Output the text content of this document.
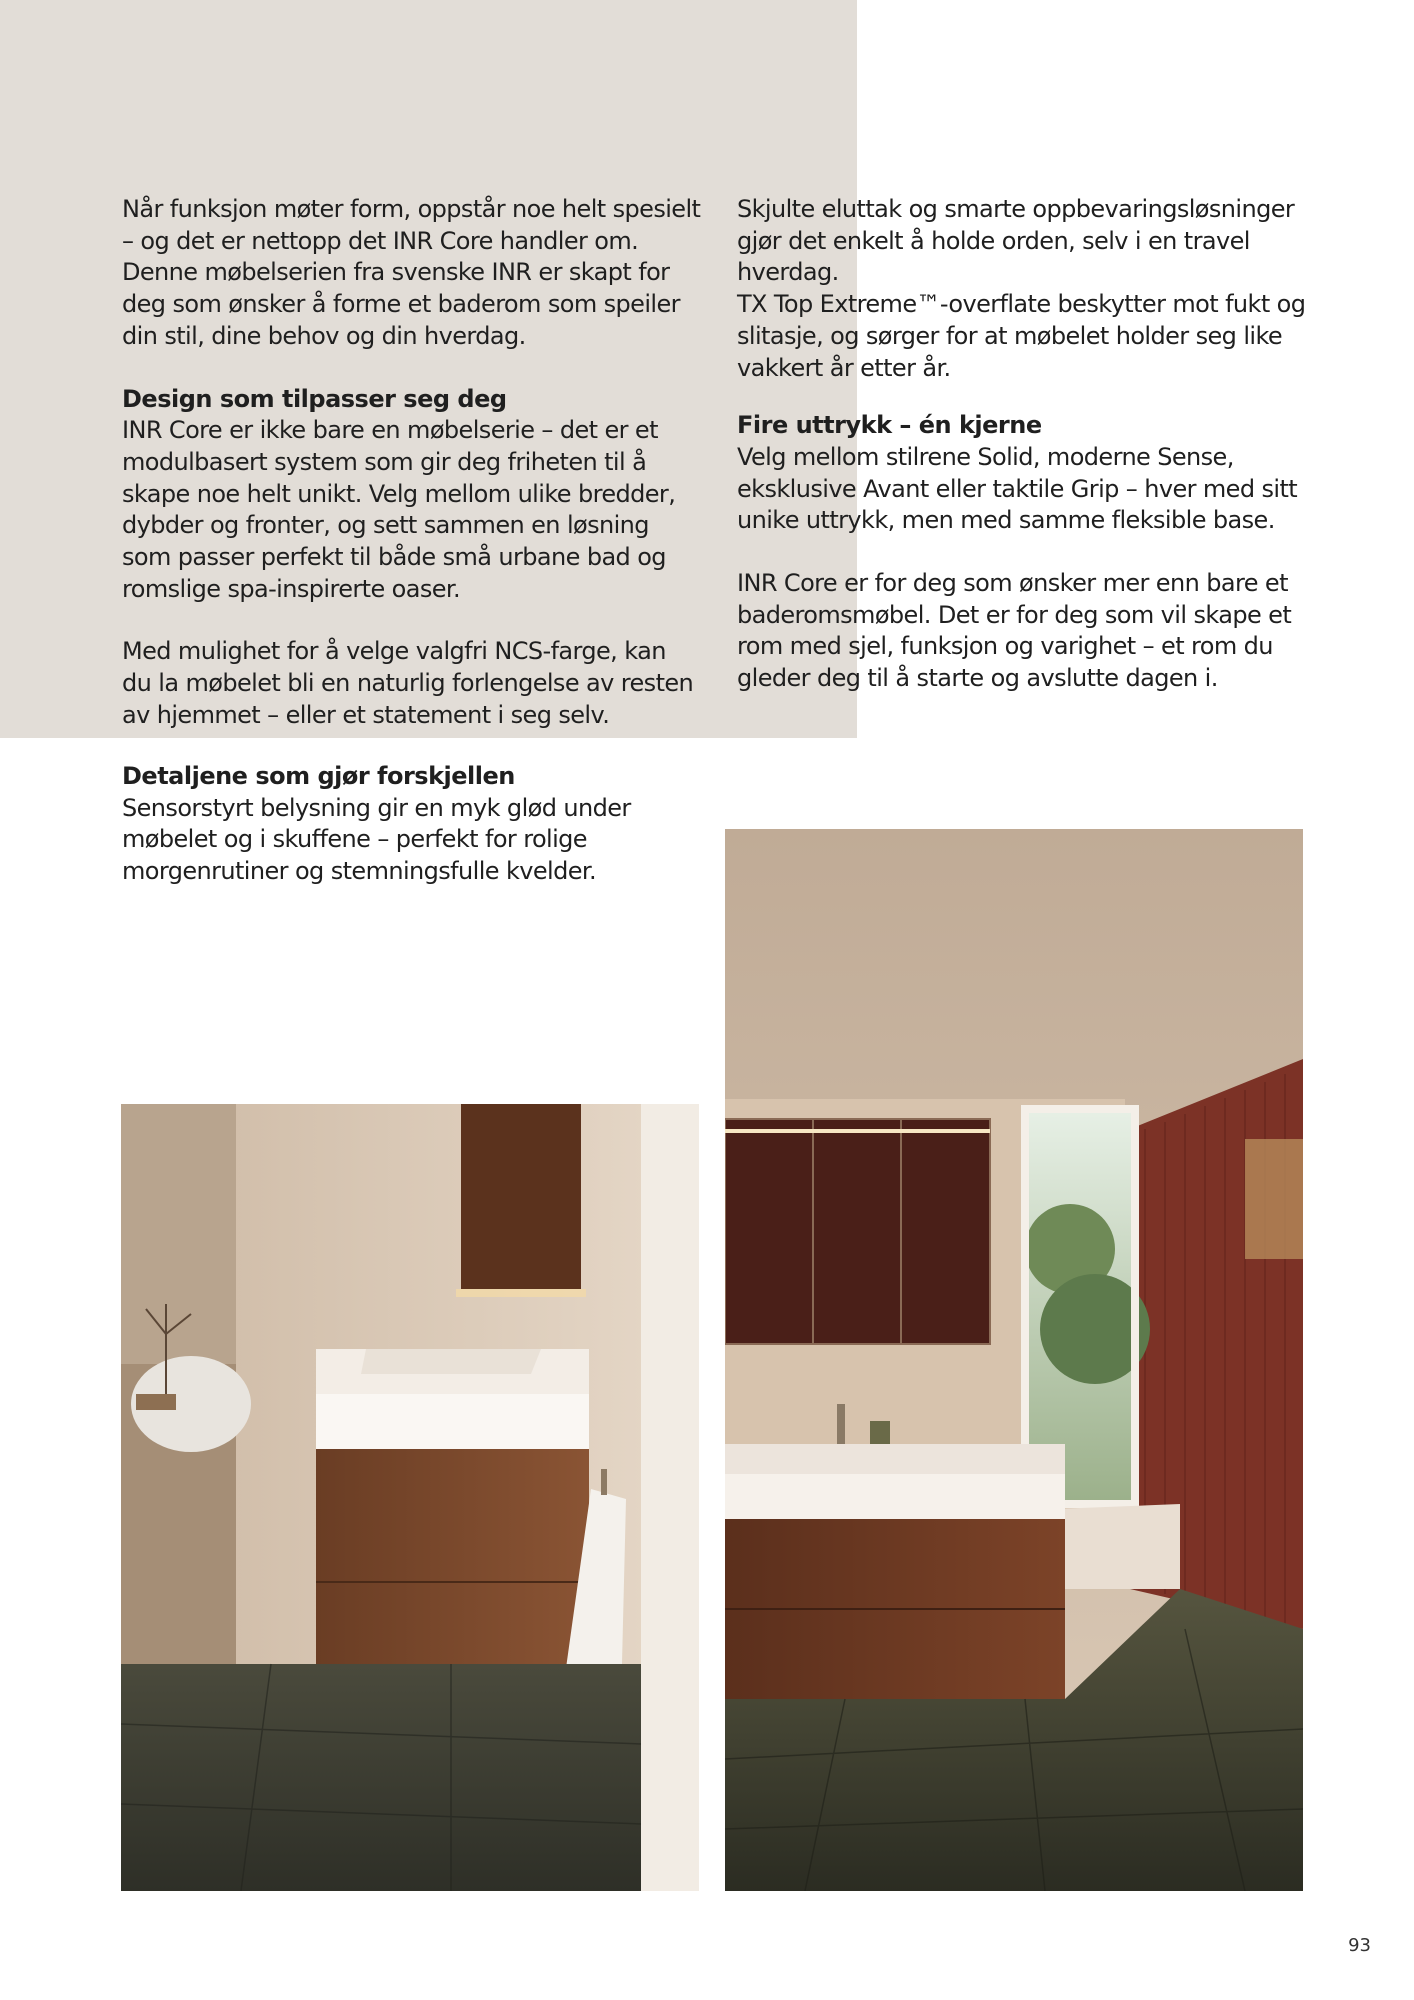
Når funksjon møter form, oppstår noe helt spesielt – og det er nettopp det INR Core handler om. Denne møbelserien fra svenske INR er skapt for deg som ønsker å forme et baderom som speiler din stil, dine behov og din hverdag.

Design som tilpasser seg deg

INR Core er ikke bare en møbelserie – det er et modulbasert system som gir deg friheten til å skape noe helt unikt. Velg mellom ulike bredder, dybder og fronter, og sett sammen en løsning som passer perfekt til både små urbane bad og romslige spa-inspirerte oaser.

Med mulighet for å velge valgfri NCS-farge, kan du la møbelet bli en naturlig forlengelse av resten av hjemmet – eller et statement i seg selv.

Detaljene som gjør forskjellen

Sensorstyrt belysning gir en myk glød under møbelet og i skuffene – perfekt for rolige morgenrutiner og stemningsfulle kvelder.

Skjulte eluttak og smarte oppbevaringsløsninger gjør det enkelt å holde orden, selv i en travel hverdag.

TX Top Extreme™-overflate beskytter mot fukt og slitasje, og sørger for at møbelet holder seg like vakkert år etter år.

Fire uttrykk – én kjerne

Velg mellom stilrene Solid, moderne Sense, eksklusive Avant eller taktile Grip – hver med sitt unike uttrykk, men med samme fleksible base.

INR Core er for deg som ønsker mer enn bare et baderomsmøbel. Det er for deg som vil skape et rom med sjel, funksjon og varighet – et rom du gleder deg til å starte og avslutte dagen i.

93
